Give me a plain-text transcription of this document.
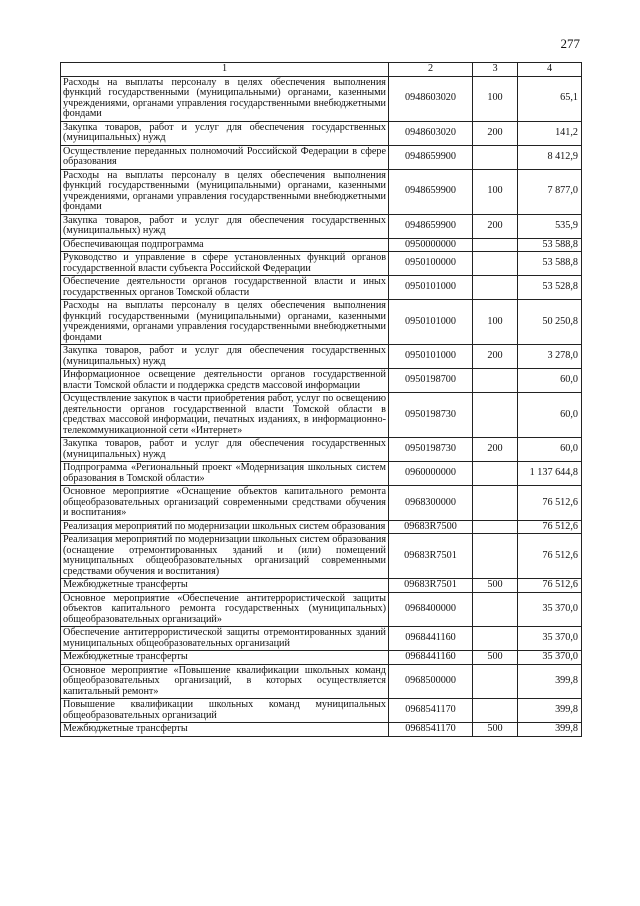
277
1	2	3	4
Расходы на выплаты персоналу в целях обеспечения выполнения функций государственными (муниципальными) органами, казенными учреждениями, органами управления государственными внебюджетными фондами	0948603020	100	65,1
Закупка товаров, работ и услуг для обеспечения государственных (муниципальных) нужд	0948603020	200	141,2
Осуществление переданных полномочий Российской Федерации в сфере образования	0948659900		8 412,9
Расходы на выплаты персоналу в целях обеспечения выполнения функций государственными (муниципальными) органами, казенными учреждениями, органами управления государственными внебюджетными фондами	0948659900	100	7 877,0
Закупка товаров, работ и услуг для обеспечения государственных (муниципальных) нужд	0948659900	200	535,9
Обеспечивающая подпрограмма	0950000000		53 588,8
Руководство и управление в сфере установленных функций органов государственной власти субъекта Российской Федерации	0950100000		53 588,8
Обеспечение деятельности органов государственной власти и иных государственных органов Томской области	0950101000		53 528,8
Расходы на выплаты персоналу в целях обеспечения выполнения функций государственными (муниципальными) органами, казенными учреждениями, органами управления государственными внебюджетными фондами	0950101000	100	50 250,8
Закупка товаров, работ и услуг для обеспечения государственных (муниципальных) нужд	0950101000	200	3 278,0
Информационное освещение деятельности органов государственной власти Томской области и поддержка средств массовой информации	0950198700		60,0
Осуществление закупок в части приобретения работ, услуг по освещению деятельности органов государственной власти Томской области в средствах массовой информации, печатных изданиях, в информационно-телекоммуникационной сети «Интернет»	0950198730		60,0
Закупка товаров, работ и услуг для обеспечения государственных (муниципальных) нужд	0950198730	200	60,0
Подпрограмма «Региональный проект «Модернизация школьных систем образования в Томской области»	0960000000		1 137 644,8
Основное мероприятие «Оснащение объектов капитального ремонта общеобразовательных организаций современными средствами обучения и воспитания»	0968300000		76 512,6
Реализация мероприятий по модернизации школьных систем образования	09683R7500		76 512,6
Реализация мероприятий по модернизации школьных систем образования (оснащение отремонтированных зданий и (или) помещений муниципальных общеобразовательных организаций современными средствами обучения и воспитания)	09683R7501		76 512,6
Межбюджетные трансферты	09683R7501	500	76 512,6
Основное мероприятие «Обеспечение антитеррористической защиты объектов капитального ремонта государственных (муниципальных) общеобразовательных организаций»	0968400000		35 370,0
Обеспечение антитеррористической защиты отремонтированных зданий муниципальных общеобразовательных организаций	0968441160		35 370,0
Межбюджетные трансферты	0968441160	500	35 370,0
Основное мероприятие «Повышение квалификации школьных команд общеобразовательных организаций, в которых осуществляется капитальный ремонт»	0968500000		399,8
Повышение квалификации школьных команд муниципальных общеобразовательных организаций	0968541170		399,8
Межбюджетные трансферты	0968541170	500	399,8
